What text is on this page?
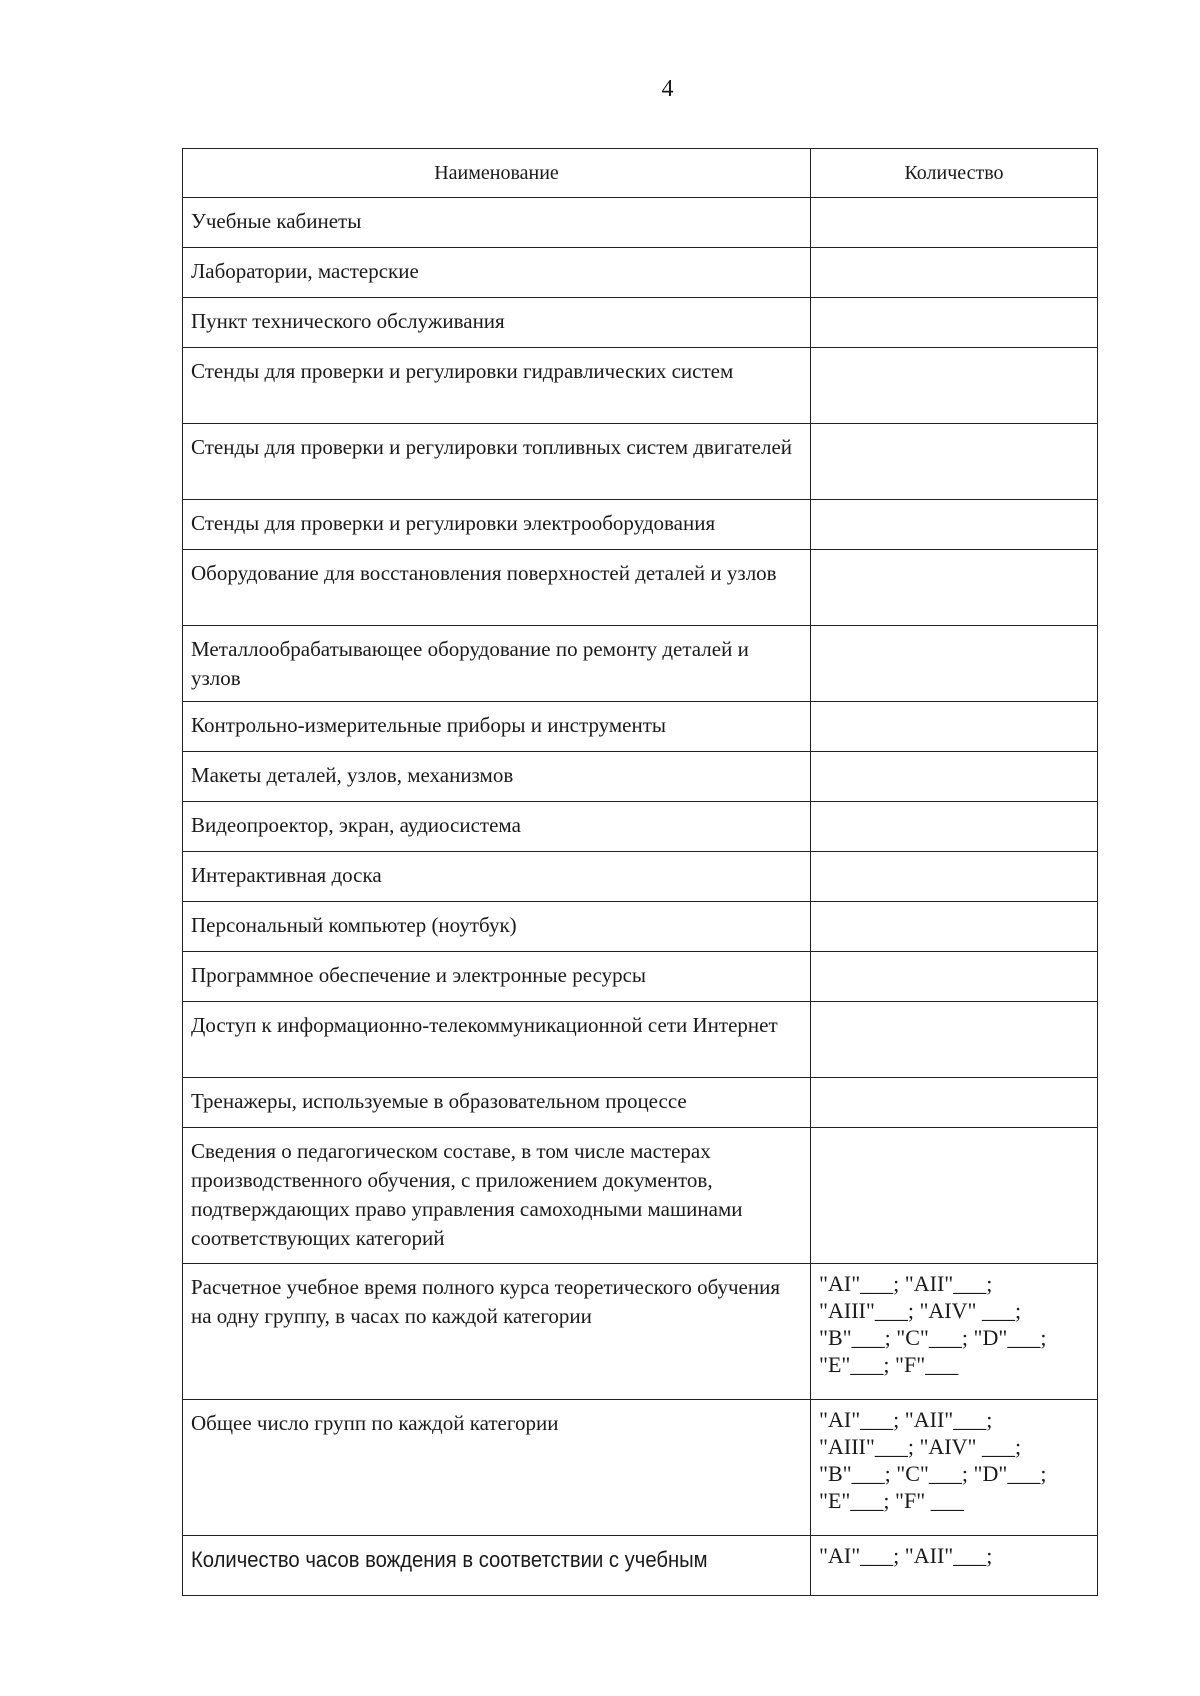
4
Наименование	Количество
Учебные кабинеты	
Лаборатории, мастерские	
Пункт технического обслуживания	
Стенды для проверки и регулировки гидравлических систем	
Стенды для проверки и регулировки топливных систем двигателей	
Стенды для проверки и регулировки электрооборудования	
Оборудование для восстановления поверхностей деталей и узлов	
Металлообрабатывающее оборудование по ремонту деталей и узлов	
Контрольно-измерительные приборы и инструменты	
Макеты деталей, узлов, механизмов	
Видеопроектор, экран, аудиосистема	
Интерактивная доска	
Персональный компьютер (ноутбук)	
Программное обеспечение и электронные ресурсы	
Доступ к информационно-телекоммуникационной сети Интернет	
Тренажеры, используемые в образовательном процессе	
Сведения о педагогическом составе, в том числе мастерах производственного обучения, с приложением документов, подтверждающих право управления самоходными машинами соответствующих категорий	
Расчетное учебное время полного курса теоретического обучения на одну группу, в часах по каждой категории	"AI"___; "AII"___;
"AIII"___; "AIV" ___;
"B"___; "C"___; "D"___;
"E"___; "F"___

Общее число групп по каждой категории	"AI"___; "AII"___;
"AIII"___; "AIV" ___;
"B"___; "C"___; "D"___;
"E"___; "F" ___

Количество часов вождения в соответствии с учебным	"AI"___; "AII"___;
